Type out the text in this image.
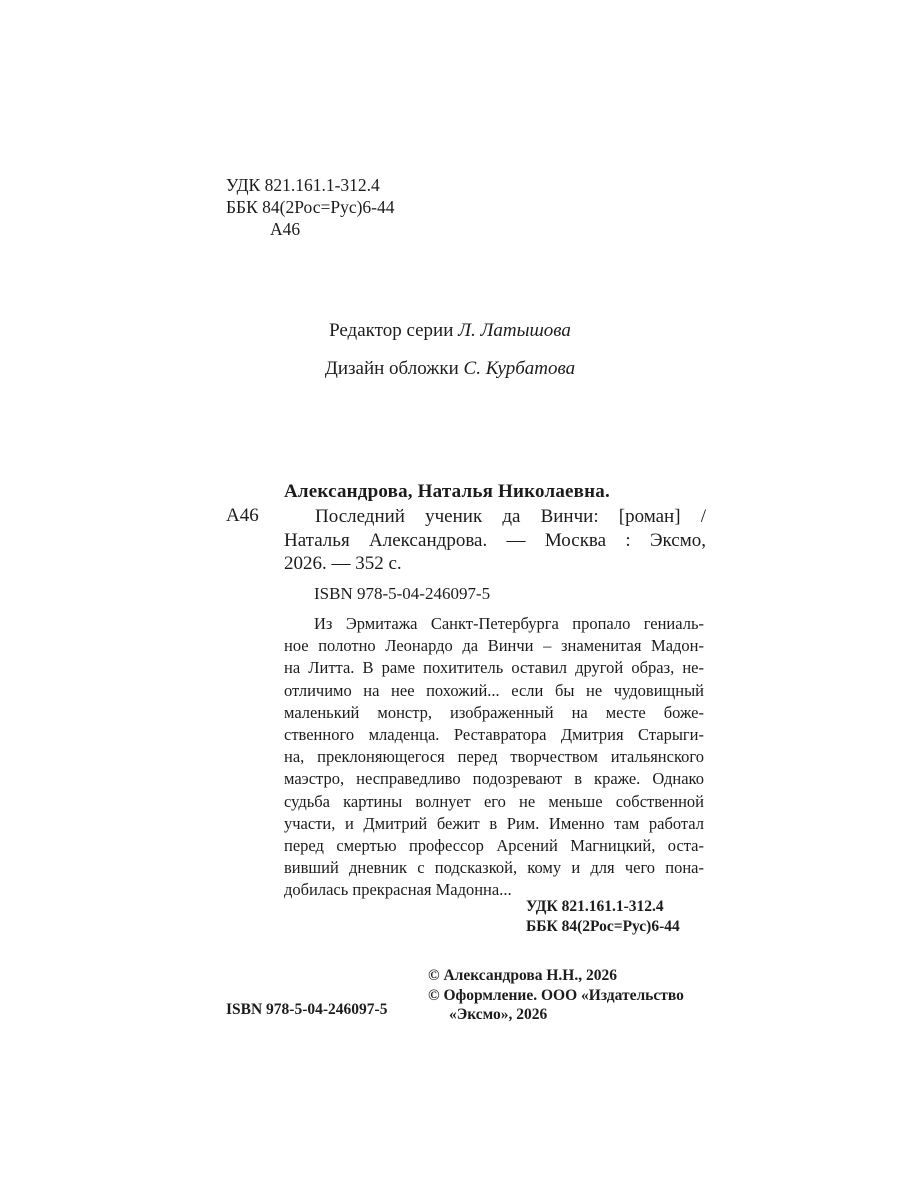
УДК 821.161.1-312.4
ББК 84(2Рос=Рус)6-44
А46
Редактор серии Л. Латышова
Дизайн обложки С. Курбатова
Александрова, Наталья Николаевна.
А46	Последний ученик да Винчи: [роман] /
Наталья Александрова. — Москва : Эксмо,
2026. — 352 с.
ISBN 978-5-04-246097-5
Из Эрмитажа Санкт-Петербурга пропало гениаль-
ное полотно Леонардо да Винчи – знаменитая Мадон-
на Литта. В раме похититель оставил другой образ, не-
отличимо на нее похожий... если бы не чудовищный
маленький монстр, изображенный на месте боже-
ственного младенца. Реставратора Дмитрия Старыги-
на, преклоняющегося перед творчеством итальянского
маэстро, несправедливо подозревают в краже. Однако
судьба картины волнует его не меньше собственной
участи, и Дмитрий бежит в Рим. Именно там работал
перед смертью профессор Арсений Магницкий, оста-
вивший дневник с подсказкой, кому и для чего пона-
добилась прекрасная Мадонна...
УДК 821.161.1-312.4
ББК 84(2Рос=Рус)6-44
© Александрова Н.Н., 2026
© Оформление. ООО «Издательство
«Эксмо», 2026
ISBN 978-5-04-246097-5
